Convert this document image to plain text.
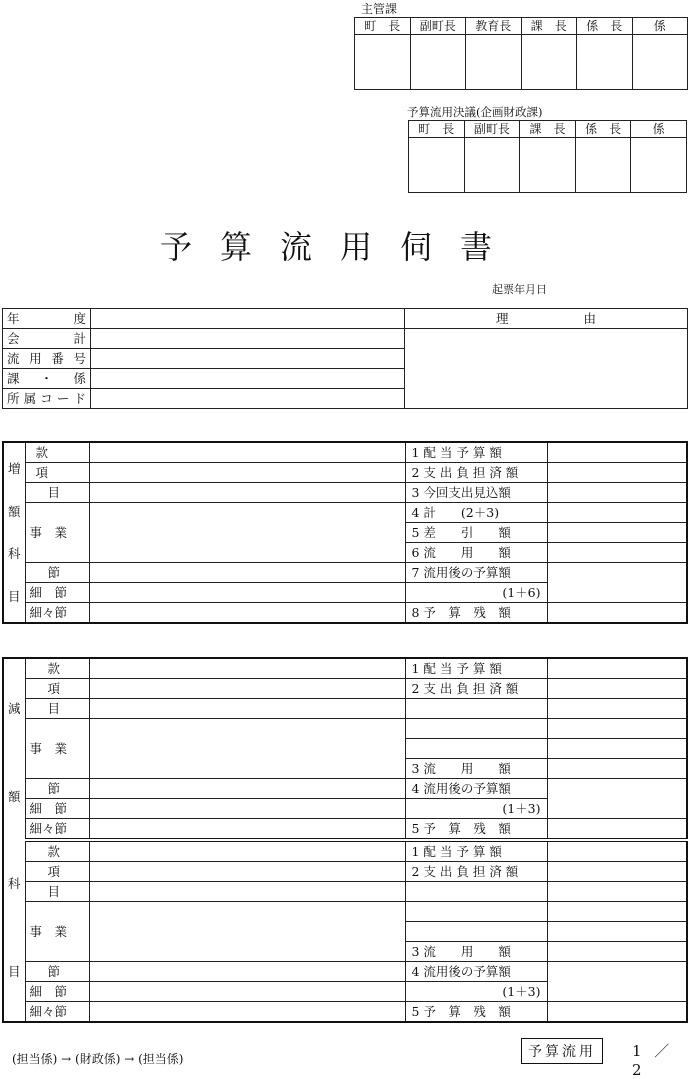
主管課
町　長	副町長	教育長	課　長	係　長	係

予算流用決議(企画財政課)
町　長	副町長	課　長	係　長	係

予算流用伺書
起票年月日
年　　度		理　　　　　　由
会　　計		
流用番号		
課　・　係		
所属コード		
増
額
科
目	款		1 配 当 予 算 額	
	項		2 支 出 負 担 済 額	
	目		3 今回支出見込額	
	事　業		4 計　　(2＋3)	
			5 差　　引　　額	
			6 流　　用　　額	
	節		7 流用後の予算額	
	細　節		(1＋6)	
	細々節		8 予　算　残　額	
減
額
科
目	款		1 配 当 予 算 額	
	項		2 支 出 負 担 済 額	
	目			
	事　業			

			3 流　　用　　額	
	節		4 流用後の予算額	
	細　節		(1＋3)	
	細々節		5 予　算　残　額	
	款		1 配 当 予 算 額	
	項		2 支 出 負 担 済 額	
	目			
	事　業			

			3 流　　用　　額	
	節		4 流用後の予算額	
	細　節		(1＋3)	
	細々節		5 予　算　残　額	
(担当係) → (財政係) → (担当係)	予算流用	1 ／ 2
